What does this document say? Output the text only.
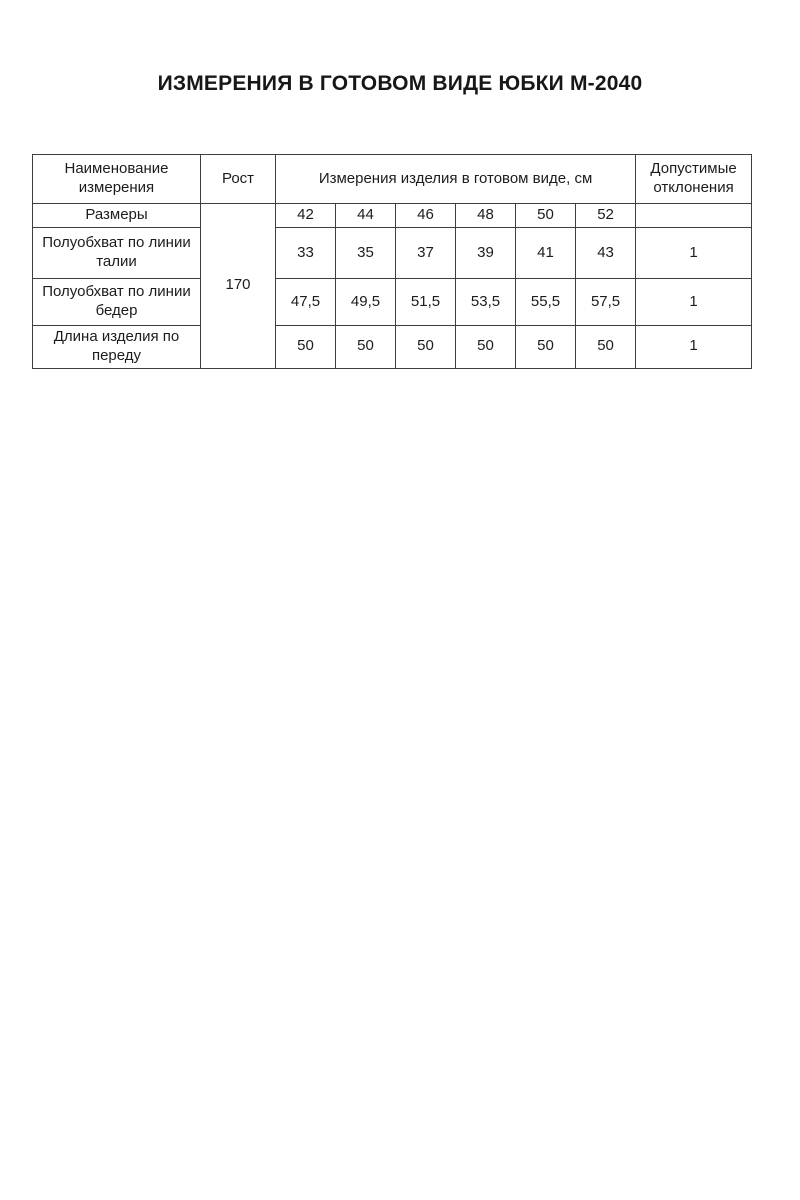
ИЗМЕРЕНИЯ В ГОТОВОМ ВИДЕ ЮБКИ М-2040
Наименование измерения	Рост	Измерения изделия в готовом виде, см						Допустимые отклонения
Размеры	170	42	44	46	48	50	52	
Полуобхват по линии талии		33	35	37	39	41	43	1
Полуобхват по линии бедер		47,5	49,5	51,5	53,5	55,5	57,5	1
Длина изделия по переду		50	50	50	50	50	50	1
